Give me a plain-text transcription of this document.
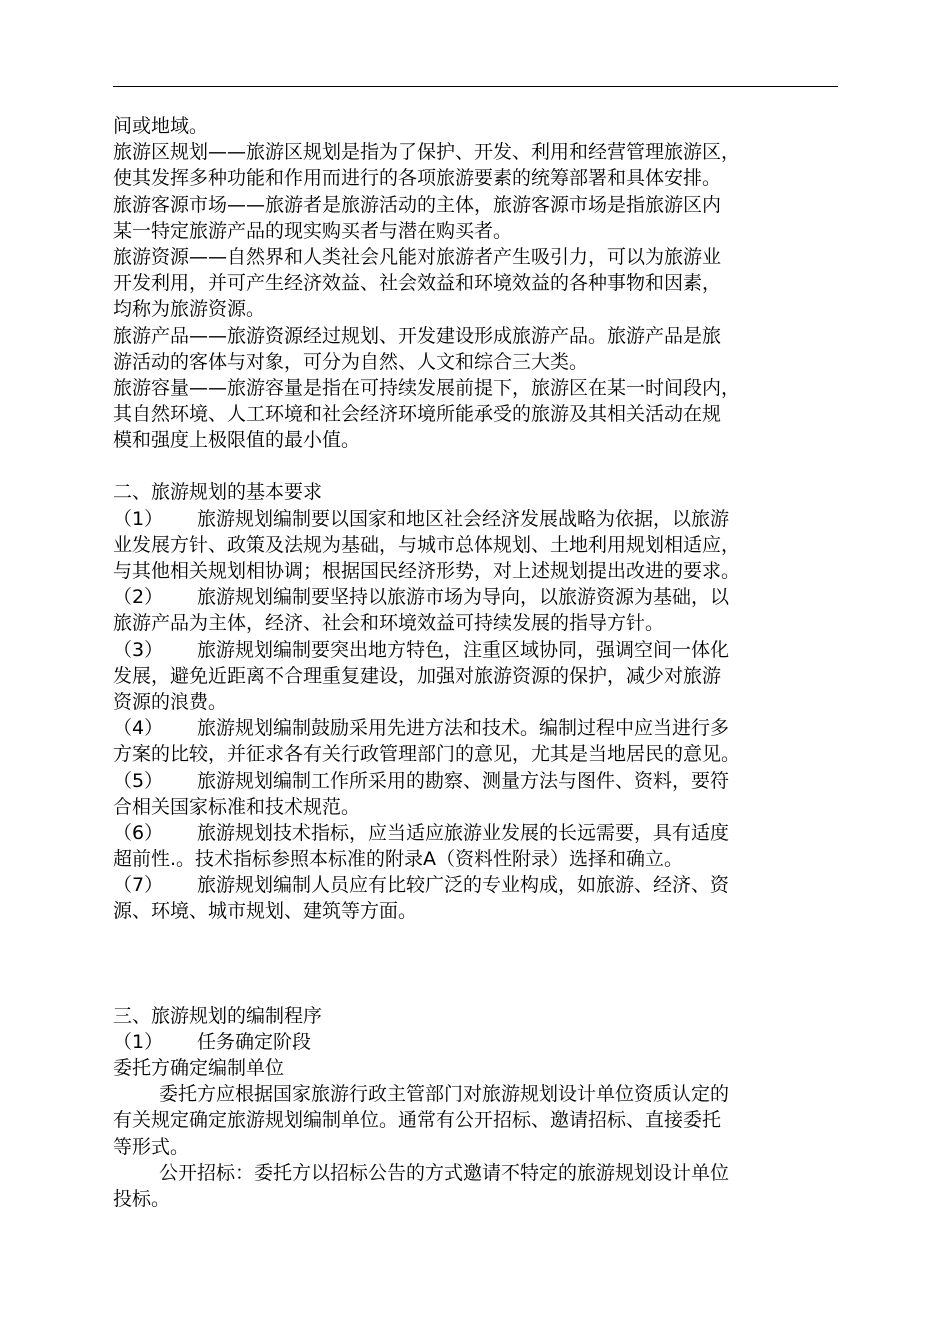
间或地域。
旅游区规划——旅游区规划是指为了保护、开发、利用和经营管理旅游区，
使其发挥多种功能和作用而进行的各项旅游要素的统筹部署和具体安排。
旅游客源市场——旅游者是旅游活动的主体，旅游客源市场是指旅游区内
某一特定旅游产品的现实购买者与潜在购买者。
旅游资源——自然界和人类社会凡能对旅游者产生吸引力，可以为旅游业
开发利用，并可产生经济效益、社会效益和环境效益的各种事物和因素，
均称为旅游资源。
旅游产品——旅游资源经过规划、开发建设形成旅游产品。旅游产品是旅
游活动的客体与对象，可分为自然、人文和综合三大类。
旅游容量——旅游容量是指在可持续发展前提下，旅游区在某一时间段内，
其自然环境、人工环境和社会经济环境所能承受的旅游及其相关活动在规
模和强度上极限值的最小值。
二、旅游规划的基本要求
（1） 旅游规划编制要以国家和地区社会经济发展战略为依据，以旅游
业发展方针、政策及法规为基础，与城市总体规划、土地利用规划相适应，
与其他相关规划相协调；根据国民经济形势，对上述规划提出改进的要求。
（2） 旅游规划编制要坚持以旅游市场为导向，以旅游资源为基础，以
旅游产品为主体，经济、社会和环境效益可持续发展的指导方针。
（3） 旅游规划编制要突出地方特色，注重区域协同，强调空间一体化
发展，避免近距离不合理重复建设，加强对旅游资源的保护，减少对旅游
资源的浪费。
（4） 旅游规划编制鼓励采用先进方法和技术。编制过程中应当进行多
方案的比较，并征求各有关行政管理部门的意见，尤其是当地居民的意见。
（5） 旅游规划编制工作所采用的勘察、测量方法与图件、资料，要符
合相关国家标准和技术规范。
（6） 旅游规划技术指标，应当适应旅游业发展的长远需要，具有适度
超前性.。技术指标参照本标准的附录A（资料性附录）选择和确立。
（7） 旅游规划编制人员应有比较广泛的专业构成，如旅游、经济、资
源、环境、城市规划、建筑等方面。
三、旅游规划的编制程序
（1） 任务确定阶段
委托方确定编制单位
委托方应根据国家旅游行政主管部门对旅游规划设计单位资质认定的
有关规定确定旅游规划编制单位。通常有公开招标、邀请招标、直接委托
等形式。
公开招标：委托方以招标公告的方式邀请不特定的旅游规划设计单位
投标。
